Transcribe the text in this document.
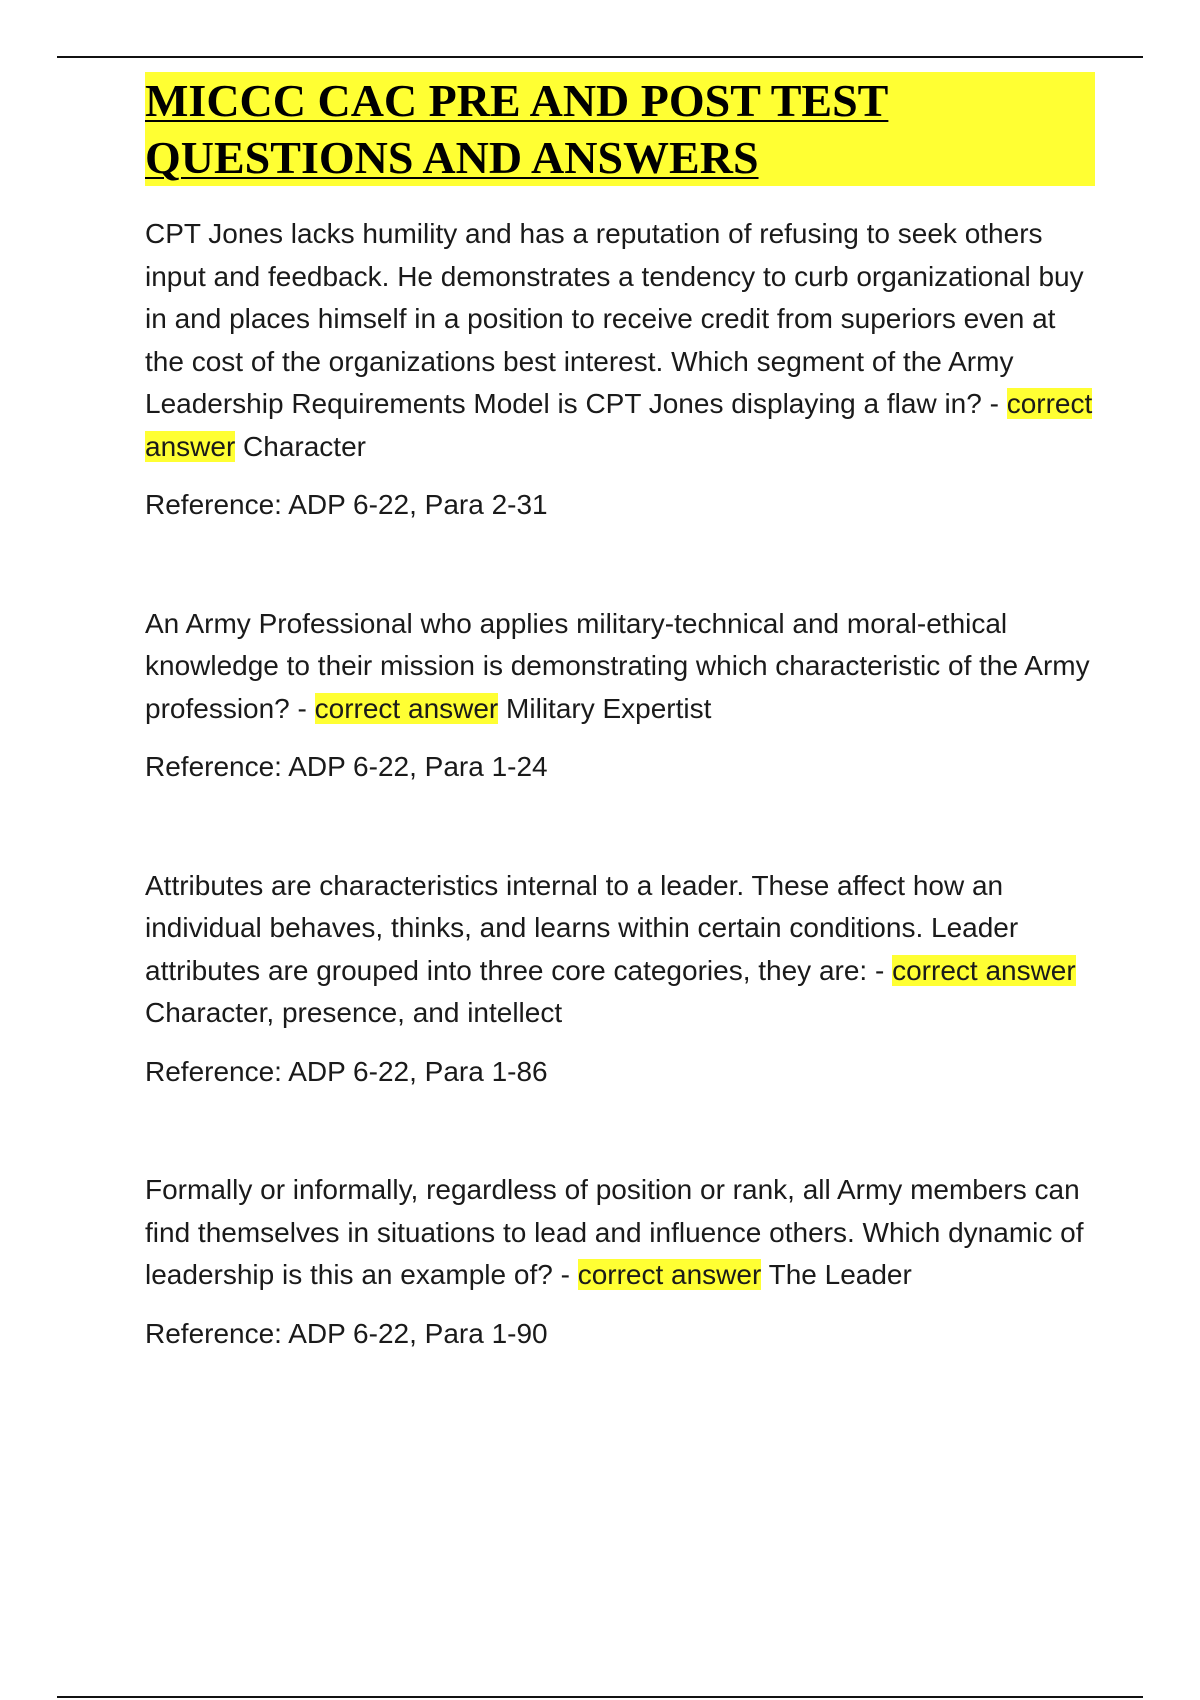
MICCC CAC PRE AND POST TEST
QUESTIONS AND ANSWERS

CPT Jones lacks humility and has a reputation of refusing to seek others input and feedback. He demonstrates a tendency to curb organizational buy in and places himself in a position to receive credit from superiors even at the cost of the organizations best interest. Which segment of the Army Leadership Requirements Model is CPT Jones displaying a flaw in? - correct answer Character

Reference: ADP 6-22, Para 2-31

An Army Professional who applies military-technical and moral-ethical knowledge to their mission is demonstrating which characteristic of the Army profession? - correct answer Military Expertist

Reference: ADP 6-22, Para 1-24

Attributes are characteristics internal to a leader. These affect how an individual behaves, thinks, and learns within certain conditions. Leader attributes are grouped into three core categories, they are: - correct answer Character, presence, and intellect

Reference: ADP 6-22, Para 1-86

Formally or informally, regardless of position or rank, all Army members can find themselves in situations to lead and influence others. Which dynamic of leadership is this an example of? - correct answer The Leader

Reference: ADP 6-22, Para 1-90
